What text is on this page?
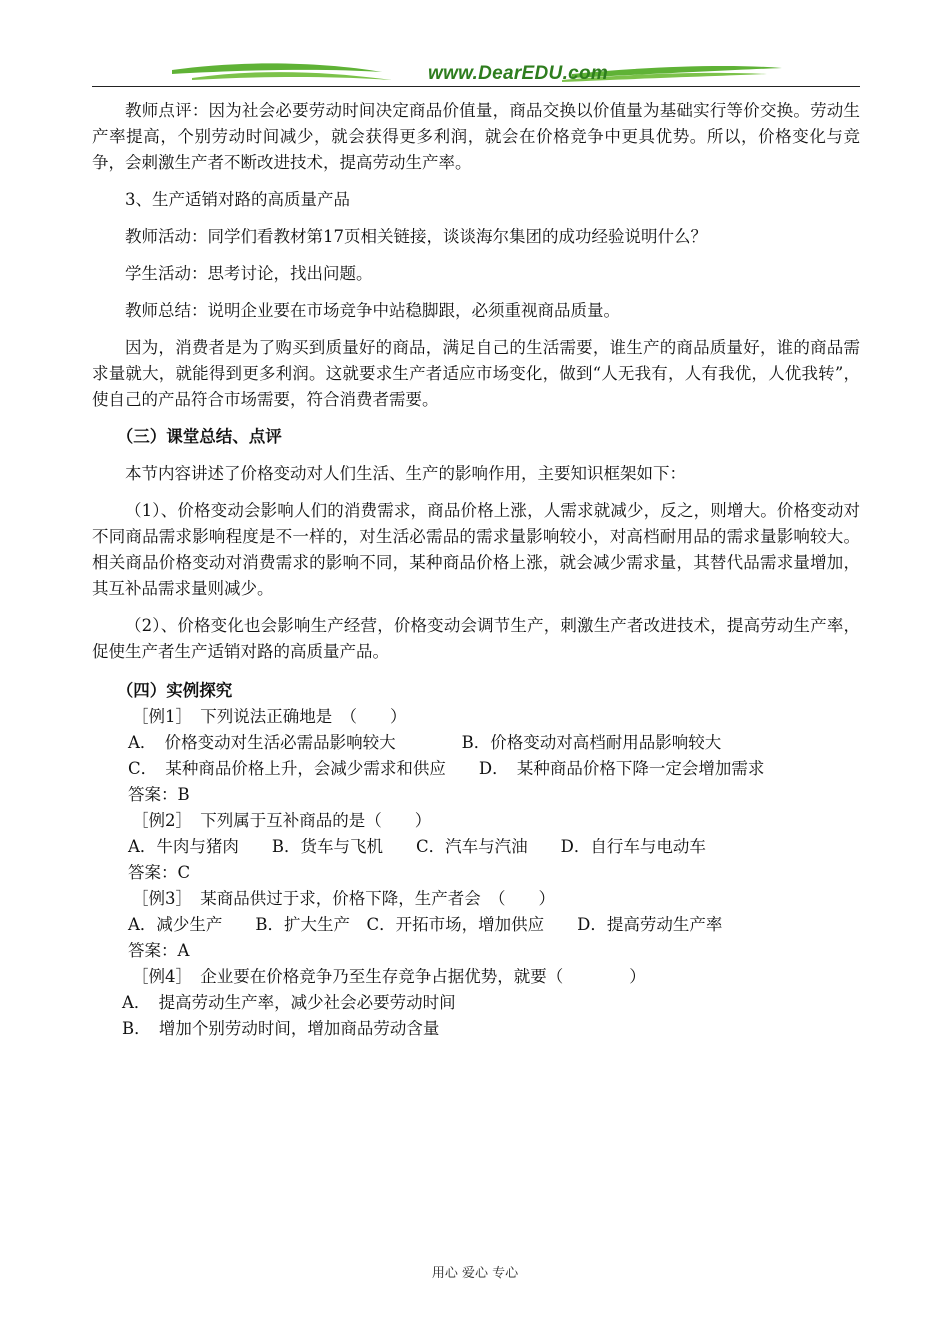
www.DearEDU.com

教师点评：因为社会必要劳动时间决定商品价值量，商品交换以价值量为基础实行等价交换。劳动生产率提高，个别劳动时间减少，就会获得更多利润，就会在价格竞争中更具优势。所以，价格变化与竞争，会刺激生产者不断改进技术，提高劳动生产率。

3、生产适销对路的高质量产品

教师活动：同学们看教材第17页相关链接，谈谈海尔集团的成功经验说明什么？

学生活动：思考讨论，找出问题。

教师总结：说明企业要在市场竞争中站稳脚跟，必须重视商品质量。

因为，消费者是为了购买到质量好的商品，满足自己的生活需要，谁生产的商品质量好，谁的商品需求量就大，就能得到更多利润。这就要求生产者适应市场变化，做到“人无我有，人有我优，人优我转”，使自己的产品符合市场需要，符合消费者需要。

（三）课堂总结、点评

本节内容讲述了价格变动对人们生活、生产的影响作用，主要知识框架如下：

（1）、价格变动会影响人们的消费需求，商品价格上涨，人需求就减少，反之，则增大。价格变动对不同商品需求影响程度是不一样的，对生活必需品的需求量影响较小，对高档耐用品的需求量影响较大。相关商品价格变动对消费需求的影响不同，某种商品价格上涨，就会减少需求量，其替代品需求量增加，其互补品需求量则减少。

（2）、价格变化也会影响生产经营，价格变动会调节生产，刺激生产者改进技术，提高劳动生产率，促使生产者生产适销对路的高质量产品。

（四）实例探究

［例1］　下列说法正确地是　（　　）

A．　价格变动对生活必需品影响较大　　　　B．价格变动对高档耐用品影响较大

C．　某种商品价格上升，会减少需求和供应　　D．　某种商品价格下降一定会增加需求

答案：B

［例2］　下列属于互补商品的是（　　）

A．牛肉与猪肉　　B．货车与飞机　　C．汽车与汽油　　D．自行车与电动车

答案：C

［例3］　某商品供过于求，价格下降，生产者会　（　　）

A．减少生产　　B．扩大生产　C．开拓市场，增加供应　　D．提高劳动生产率

答案：A

［例4］　企业要在价格竞争乃至生存竞争占据优势，就要（　　　　）

A．　提高劳动生产率，减少社会必要劳动时间

B．　增加个别劳动时间，增加商品劳动含量

用心 爱心 专心
